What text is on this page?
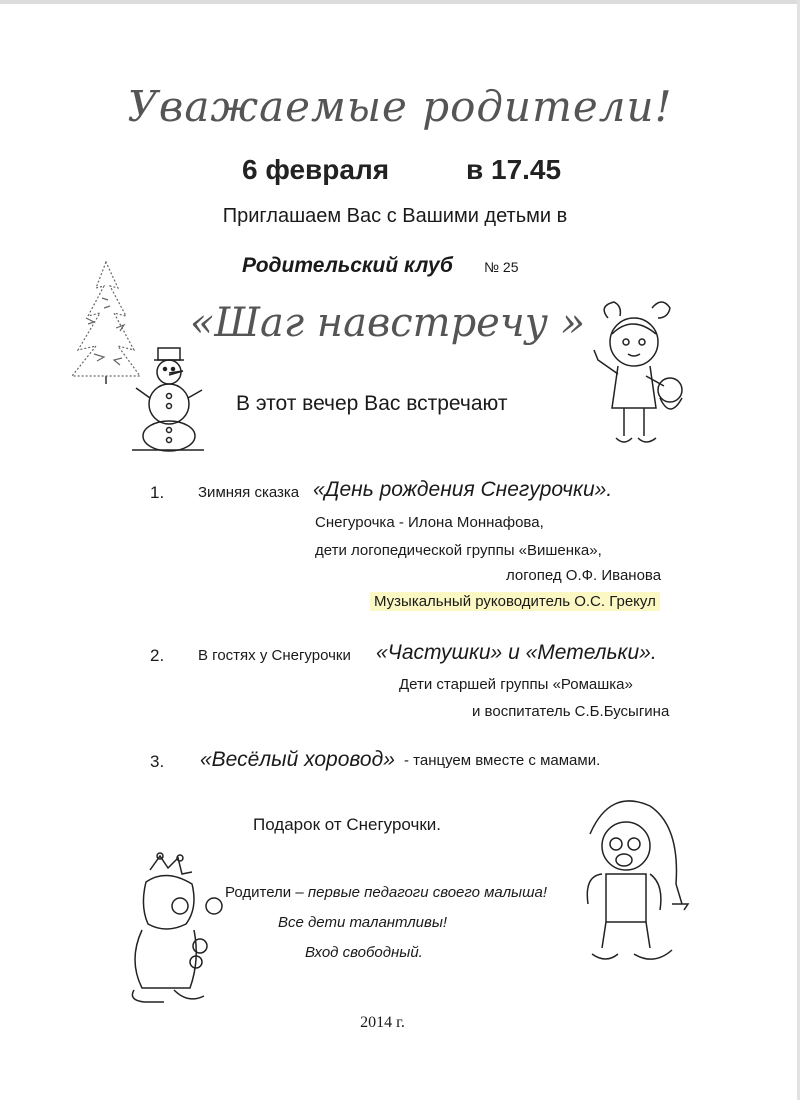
Уважаемые родители!
6 февраля	в 17.45
Приглашаем Вас с Вашими детьми в
Родительский клуб № 25
«Шаг навстречу »
В этот вечер Вас встречают
1. Зимняя сказка «День рождения Снегурочки».
Снегурочка - Илона Моннафова,
дети логопедической группы «Вишенка»,
логопед О.Ф. Иванова
Музыкальный руководитель О.С. Грекул
2. В гостях у Снегурочки «Частушки» и «Метельки».
Дети старшей группы «Ромашка»
и воспитатель С.Б.Бусыгина
3. «Весёлый хоровод» - танцуем вместе с мамами.
Подарок от Снегурочки.
Родители – первые педагоги своего малыша!
Все дети талантливы!
Вход свободный.
2014 г.
